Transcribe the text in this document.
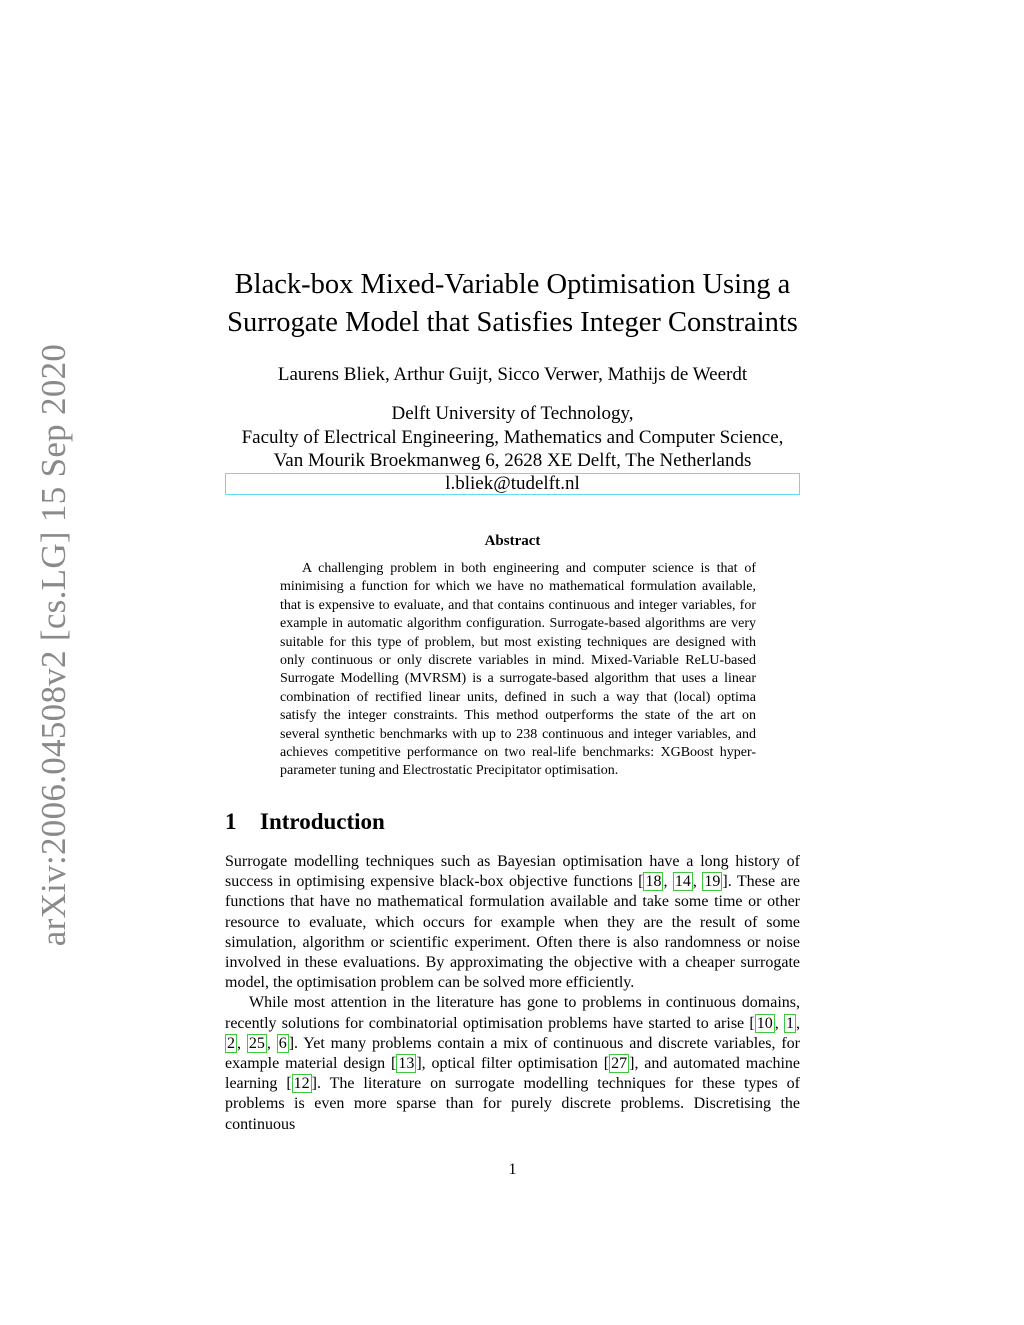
arXiv:2006.04508v2 [cs.LG] 15 Sep 2020
Black-box Mixed-Variable Optimisation Using a
Surrogate Model that Satisfies Integer Constraints
Laurens Bliek, Arthur Guijt, Sicco Verwer, Mathijs de Weerdt
Delft University of Technology,
Faculty of Electrical Engineering, Mathematics and Computer Science,
Van Mourik Broekmanweg 6, 2628 XE Delft, The Netherlands
l.bliek@tudelft.nl
Abstract

A challenging problem in both engineering and computer science is that of minimising a function for which we have no mathematical formulation available, that is expensive to evaluate, and that contains continuous and integer variables, for example in automatic algorithm configuration. Surrogate-based algorithms are very suitable for this type of problem, but most existing techniques are designed with only continuous or only discrete variables in mind. Mixed-Variable ReLU-based Surrogate Modelling (MVRSM) is a surrogate-based algorithm that uses a linear combination of rectified linear units, defined in such a way that (local) optima satisfy the integer constraints. This method outperforms the state of the art on several synthetic benchmarks with up to 238 continuous and integer variables, and achieves competitive performance on two real-life benchmarks: XGBoost hyper-parameter tuning and Electrostatic Precipitator optimisation.

1 Introduction

Surrogate modelling techniques such as Bayesian optimisation have a long history of success in optimising expensive black-box objective functions [ 18 , 14 , 19 ]. These are functions that have no mathematical formulation available and take some time or other resource to evaluate, which occurs for example when they are the result of some simulation, algorithm or scientific experiment. Often there is also randomness or noise involved in these evaluations. By approximating the objective with a cheaper surrogate model, the optimisation problem can be solved more efficiently.

While most attention in the literature has gone to problems in continuous domains, recently solutions for combinatorial optimisation problems have started to arise [ 10 , 1 , 2 , 25 , 6 ]. Yet many problems contain a mix of continuous and discrete variables, for example material design [ 13 ], optical filter optimisation [ 27 ], and automated machine learning [ 12 ]. The literature on surrogate modelling techniques for these types of problems is even more sparse than for purely discrete problems. Discretising the continuous

1
